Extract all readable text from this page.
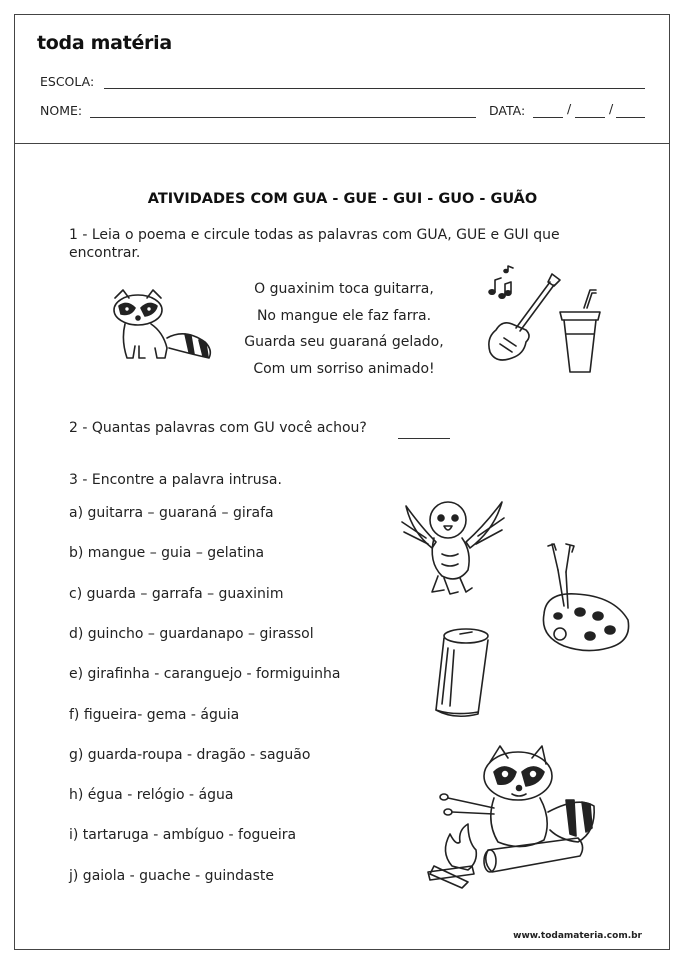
toda matéria
ESCOLA:
NOME:	DATA:	/	/
ATIVIDADES COM GUA - GUE - GUI - GUO - GUÃO
1 - Leia o poema e circule todas as palavras com GUA, GUE e GUI que encontrar.
O guaxinim toca guitarra,
No mangue ele faz farra.
Guarda seu guaraná gelado,
Com um sorriso animado!
2 - Quantas palavras com GU você achou?
3 - Encontre a palavra intrusa.
a) guitarra – guaraná – girafa
b) mangue – guia – gelatina
c) guarda – garrafa – guaxinim
d) guincho – guardanapo – girassol
e) girafinha - caranguejo - formiguinha
f) figueira- gema - águia
g) guarda-roupa - dragão - saguão
h) égua - relógio - água
i) tartaruga - ambíguo - fogueira
j) gaiola - guache - guindaste
www.todamateria.com.br
